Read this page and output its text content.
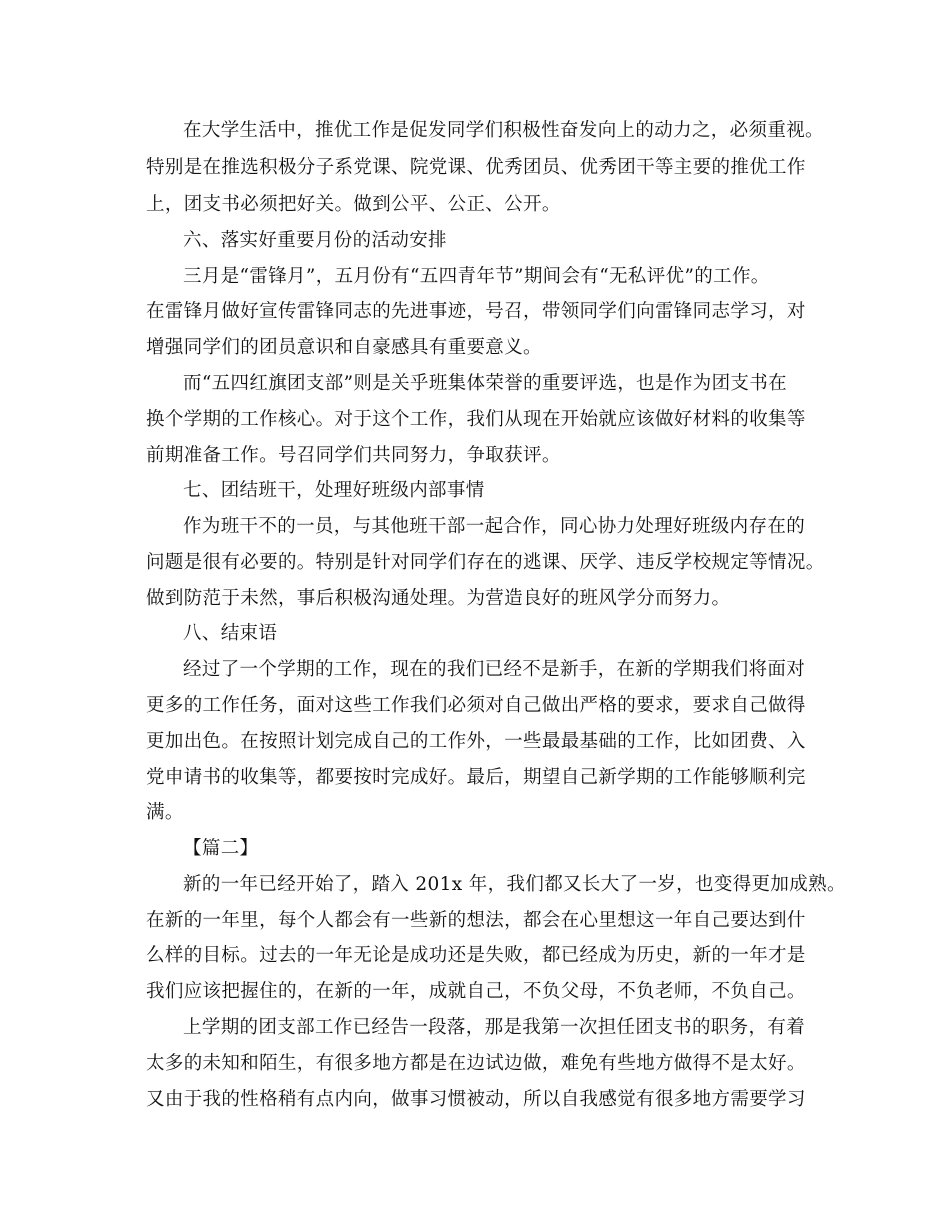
在大学生活中，推优工作是促发同学们积极性奋发向上的动力之，必须重视。
特别是在推选积极分子系党课、院党课、优秀团员、优秀团干等主要的推优工作
上，团支书必须把好关。做到公平、公正、公开。
六、落实好重要月份的活动安排
三月是“雷锋月”，五月份有“五四青年节”期间会有“无私评优”的工作。
在雷锋月做好宣传雷锋同志的先进事迹，号召，带领同学们向雷锋同志学习，对
增强同学们的团员意识和自豪感具有重要意义。
而“五四红旗团支部”则是关乎班集体荣誉的重要评选，也是作为团支书在
换个学期的工作核心。对于这个工作，我们从现在开始就应该做好材料的收集等
前期准备工作。号召同学们共同努力，争取获评。
七、团结班干，处理好班级内部事情
作为班干不的一员，与其他班干部一起合作，同心协力处理好班级内存在的
问题是很有必要的。特别是针对同学们存在的逃课、厌学、违反学校规定等情况。
做到防范于未然，事后积极沟通处理。为营造良好的班风学分而努力。
八、结束语
经过了一个学期的工作，现在的我们已经不是新手，在新的学期我们将面对
更多的工作任务，面对这些工作我们必须对自己做出严格的要求，要求自己做得
更加出色。在按照计划完成自己的工作外，一些最最基础的工作，比如团费、入
党申请书的收集等，都要按时完成好。最后，期望自己新学期的工作能够顺利完
满。
【篇二】
新的一年已经开始了，踏入 201x 年，我们都又长大了一岁，也变得更加成熟。
在新的一年里，每个人都会有一些新的想法，都会在心里想这一年自己要达到什
么样的目标。过去的一年无论是成功还是失败，都已经成为历史，新的一年才是
我们应该把握住的，在新的一年，成就自己，不负父母，不负老师，不负自己。
上学期的团支部工作已经告一段落，那是我第一次担任团支书的职务，有着
太多的未知和陌生，有很多地方都是在边试边做，难免有些地方做得不是太好。
又由于我的性格稍有点内向，做事习惯被动，所以自我感觉有很多地方需要学习
